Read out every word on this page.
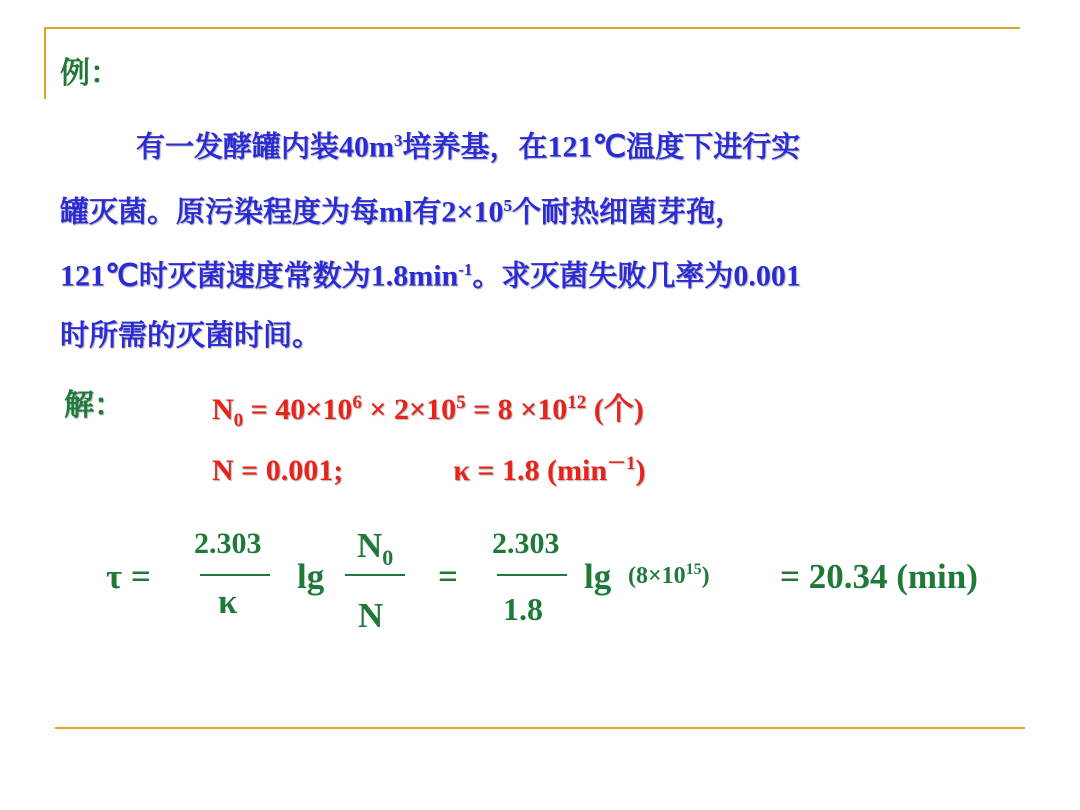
例：
有一发酵罐内装$40m^3$培养基，在121℃温度下进行实
罐灭菌。原污染程度为每ml有$2\times 10^5$个耐热细菌芽孢，
121℃时灭菌速度常数为$1.8\min^{-1}$。求灭菌失败几率为0.001
时所需的灭菌时间。
解：	$N_0 = 40\times 10^6 \times 2\times 10^5 = 8 \times 10^{12}$ (个)
N = 0.001;	κ = 1.8 $(\min^{-1})$
τ =
2.303
κ
lg
$N_0$
N
=
2.303
1.8
$\lg (8\times 10^{15}) = 20.34$ (min)
